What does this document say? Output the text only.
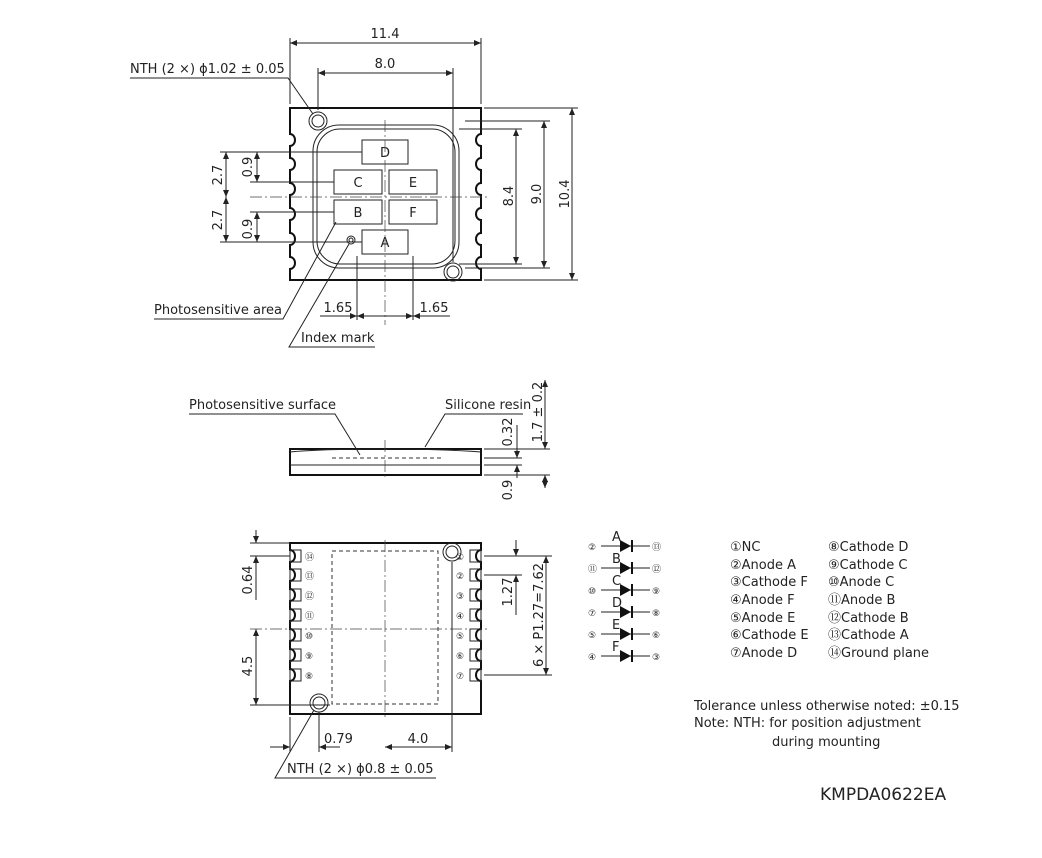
D
C	E
B	F
A
11.4
8.0
NTH (2 ×) ϕ1.02 ± 0.05
10.4
9.0
8.4
2.7
2.7
0.9
0.9
1.65	1.65
Photosensitive area
Index mark
Photosensitive surface	Silicone resin 1.7 ± 0.2
0.32
0.9
⑭
⑬
⑫
⑪
⑩
⑨
⑧
①
②
③
④
⑤
⑥
⑦
0.64
4.5
1.27 6 × P1.27=7.62
0.79	4.0
NTH (2 ×) ϕ0.8 ± 0.05
②
A
⑬
⑪
B
⑫
⑩
C
⑨
⑦
D
⑧
⑤
E
⑥
④
F
③
①NC
②Anode A
③Cathode F
④Anode F
⑤Anode E
⑥Cathode E
⑦Anode D
⑧Cathode D
⑨Cathode C
⑩Anode C
⑪Anode B
⑫Cathode B
⑬Cathode A
⑭Ground plane
Tolerance unless otherwise noted: ±0.15
Note: NTH: for position adjustment
during mounting
KMPDA0622EA
